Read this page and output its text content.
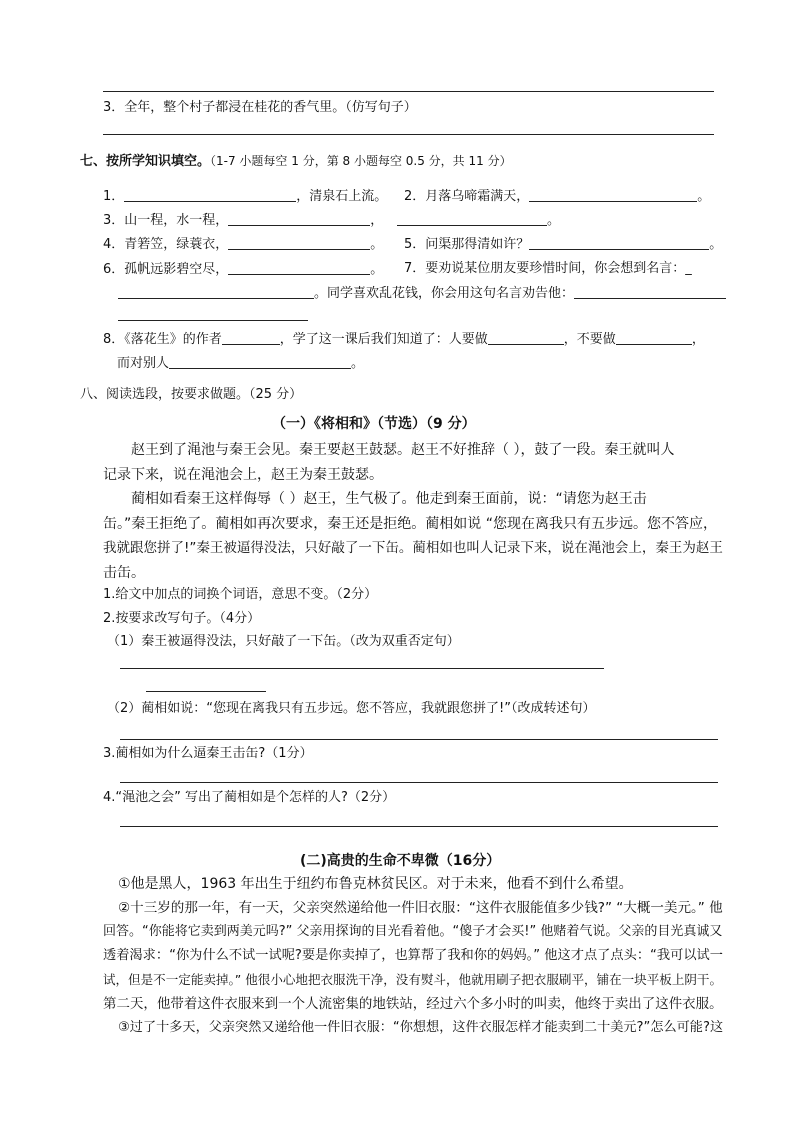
3．全年，整个村子都浸在桂花的香气里。（仿写句子）
七、按所学知识填空。（1-7 小题每空 1 分，第 8 小题每空 0.5 分，共 11 分）
1．	，清泉石上流。 2．月落乌啼霜满天，	。
3．山一程，水一程，	，	。
4．青箬笠，绿蓑衣，	。 5．问渠那得清如许？	。
6．孤帆远影碧空尽，	。 7．要劝说某位朋友要珍惜时间，你会想到名言：_
。同学喜欢乱花钱，你会用这句名言劝告他：
8．《落花生》的作者	，学了这一课后我们知道了：人要做	，不要做	，
而对别人	。
八、阅读选段，按要求做题。（25 分）
（一）《将相和》（节选）（9 分）
赵王到了渑池与秦王会见。秦王要赵王鼓瑟。赵王不好推辞（ ），鼓了一段。秦王就叫人
记录下来，说在渑池会上，赵王为秦王鼓瑟。
蔺相如看秦王这样侮辱（ ）赵王，生气极了。他走到秦王面前，说：“请您为赵王击
缶。”秦王拒绝了。蔺相如再次要求，秦王还是拒绝。蔺相如说 “您现在离我只有五步远。您不答应，
我就跟您拼了!”秦王被逼得没法，只好敲了一下缶。蔺相如也叫人记录下来，说在渑池会上，秦王为赵王
击缶。
1.给文中加点的词换个词语，意思不变。（2分）
2.按要求改写句子。（4分）
（1）秦王被逼得没法，只好敲了一下缶。（改为双重否定句）
（2）蔺相如说：“您现在离我只有五步远。您不答应，我就跟您拼了!”（改成转述句）
3.蔺相如为什么逼秦王击缶?（1分）
4.“渑池之会” 写出了蔺相如是个怎样的人?（2分）
(二)高贵的生命不卑微（16分）
①他是黑人，1963 年出生于纽约布鲁克林贫民区。对于未来，他看不到什么希望。
②十三岁的那一年，有一天，父亲突然递给他一件旧衣服：“这件衣服能值多少钱?” “大概一美元。” 他
回答。“你能将它卖到两美元吗?” 父亲用探询的目光看着他。“傻子才会买!” 他赌着气说。父亲的目光真诚又
透着渴求：“你为什么不试一试呢?要是你卖掉了，也算帮了我和你的妈妈。” 他这才点了点头：“我可以试一
试，但是不一定能卖掉。” 他很小心地把衣服洗干净，没有熨斗，他就用刷子把衣服刷平，铺在一块平板上阴干。
第二天，他带着这件衣服来到一个人流密集的地铁站，经过六个多小时的叫卖，他终于卖出了这件衣服。
③过了十多天，父亲突然又递给他一件旧衣服：“你想想，这件衣服怎样才能卖到二十美元?”怎么可能?这
